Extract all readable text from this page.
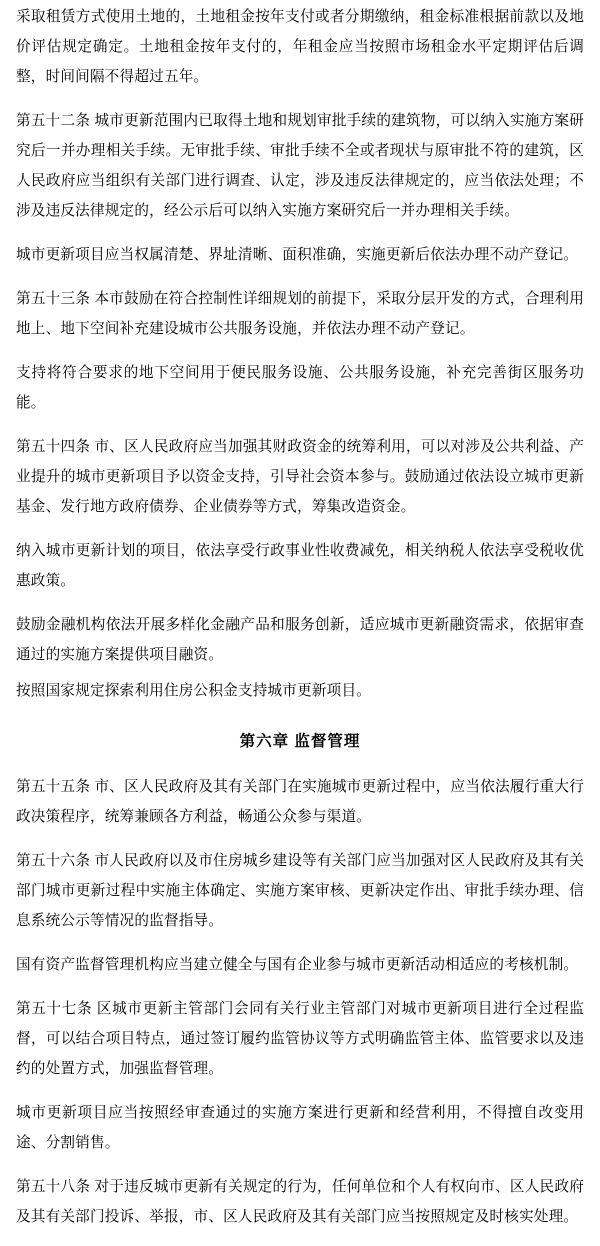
采取租赁方式使用土地的，土地租金按年支付或者分期缴纳，租金标准根据前款以及地价评估规定确定。土地租金按年支付的，年租金应当按照市场租金水平定期评估后调整，时间间隔不得超过五年。

第五十二条 城市更新范围内已取得土地和规划审批手续的建筑物，可以纳入实施方案研究后一并办理相关手续。无审批手续、审批手续不全或者现状与原审批不符的建筑，区人民政府应当组织有关部门进行调查、认定，涉及违反法律规定的，应当依法处理；不涉及违反法律规定的，经公示后可以纳入实施方案研究后一并办理相关手续。

城市更新项目应当权属清楚、界址清晰、面积准确，实施更新后依法办理不动产登记。

第五十三条 本市鼓励在符合控制性详细规划的前提下，采取分层开发的方式，合理利用地上、地下空间补充建设城市公共服务设施，并依法办理不动产登记。

支持将符合要求的地下空间用于便民服务设施、公共服务设施，补充完善街区服务功能。

第五十四条 市、区人民政府应当加强其财政资金的统筹利用，可以对涉及公共利益、产业提升的城市更新项目予以资金支持，引导社会资本参与。鼓励通过依法设立城市更新基金、发行地方政府债券、企业债券等方式，筹集改造资金。

纳入城市更新计划的项目，依法享受行政事业性收费减免，相关纳税人依法享受税收优惠政策。

鼓励金融机构依法开展多样化金融产品和服务创新，适应城市更新融资需求，依据审查通过的实施方案提供项目融资。

按照国家规定探索利用住房公积金支持城市更新项目。

第六章 监督管理

第五十五条 市、区人民政府及其有关部门在实施城市更新过程中，应当依法履行重大行政决策程序，统筹兼顾各方利益，畅通公众参与渠道。

第五十六条 市人民政府以及市住房城乡建设等有关部门应当加强对区人民政府及其有关部门城市更新过程中实施主体确定、实施方案审核、更新决定作出、审批手续办理、信息系统公示等情况的监督指导。

国有资产监督管理机构应当建立健全与国有企业参与城市更新活动相适应的考核机制。

第五十七条 区城市更新主管部门会同有关行业主管部门对城市更新项目进行全过程监督，可以结合项目特点，通过签订履约监管协议等方式明确监管主体、监管要求以及违约的处置方式，加强监督管理。

城市更新项目应当按照经审查通过的实施方案进行更新和经营利用，不得擅自改变用途、分割销售。

第五十八条 对于违反城市更新有关规定的行为，任何单位和个人有权向市、区人民政府及其有关部门投诉、举报，市、区人民政府及其有关部门应当按照规定及时核实处理。
